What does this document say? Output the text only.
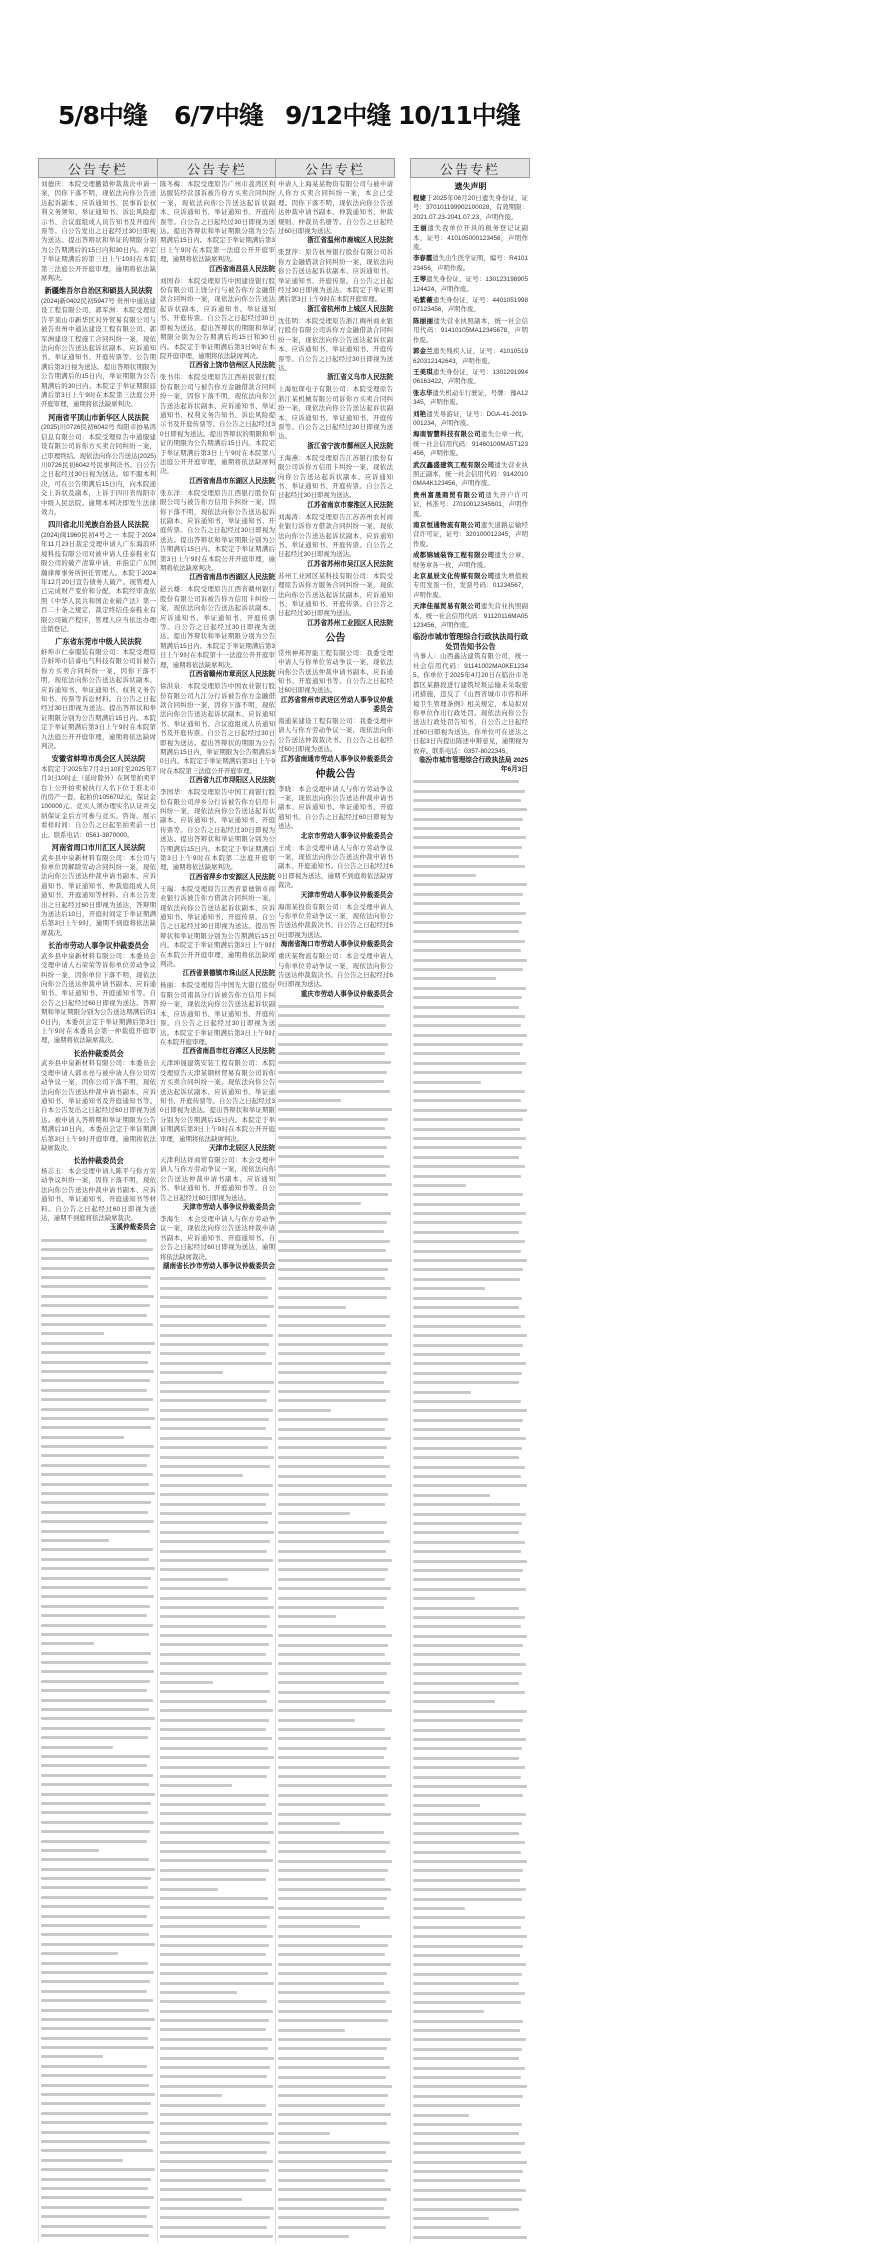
5/8中缝 6/7中缝 9/12中缝 10/11中缝
公告专栏

刘德庆：本院受理撤销仲裁裁决申请一案，因你下落不明，现依法向你公告送达起诉副本、应诉通知书、民事诉讼权利义务须知、举证通知书、诉讼风险提示书、合议庭组成人员告知书及开庭传票等。自公告发出之日起经过30日即视为送达。提出答辩状和举证的期限分别为公告期满后的15日内和30日内。并定于举证期满后的第三日上午10时在本院第三法庭公开开庭审理，逾期将依法缺席判决。

新疆维吾尔自治区和硕县人民法院

(2024)新0402民初5947号 贵州中通达建设工程有限公司、郭军洲：本院受理原告平顶山市新华区对外贸易有限公司与被告贵州中通达建设工程有限公司、郭军洲建设工程施工合同纠纷一案，现依法向你公告送达起诉状副本、应诉通知书、举证通知书、开庭传票等。公告期满后第3日视为送达。提出答辩状期限为公告期满后的15日内，举证期限为公告期满后的30日内。本院定于举证期限届满后第3日上午9时在本院第三法庭公开开庭审理，逾期将依法缺席判决。

河南省平顶山市新华区人民法院

(2025)川0726民初6042号 绵阳市协易鸿信息有限公司：本院受理原告中通服建设有限公司诉你方买卖合同纠纷一案，已审理终结。现依法向你公告送达(2025)川0726民初6042号民事判决书。自公告之日起经过30日视为送达。如不服本判决，可在公告期满后15日内，向本院递交上诉状及副本，上诉于四川省绵阳市中级人民法院。逾期本判决即发生法律效力。

四川省北川羌族自治县人民法院

(2024)闽1960民初4号之一 本院于2024年11月23日裁定受理申请人广东海浪环境科技有限公司对被申请人佳泰鞋业有限公司的破产清算申请，并指定广东国瀚律师事务所担任管理人。本院于2024年12月20日宣告债务人破产。现管理人已完成财产变价和分配，本院经审查依照《中华人民共和国企业破产法》第一百二十条之规定，裁定终结佳泰鞋业有限公司破产程序，管理人应当依法办理注销登记。

广东省东莞市中级人民法院

蚌埠市仁泰服装有限公司：本院受理原告蚌埠市信睿电气科技有限公司诉被告你方买卖合同纠纷一案，因你下落不明，现依法向你公告送达起诉状副本、应诉通知书、举证通知书、权利义务告知书、传票等诉讼材料。自公告之日起经过30日即视为送达。提出答辩状和举证期限分别为公告期满后15日内。本院定于举证期满后第3日上午9时在本院第九法庭公开开庭审理，逾期将依法缺席判决。

安徽省蚌埠市禹会区人民法院

本院定于2025年7月2日10时至2025年7月3日10时止（延时除外）在阿里拍卖平台上公开拍卖被执行人名下位于淮北市的房产一套，起拍价1056702元，保证金100000元。竞买人须办理实名认证并交纳保证金后方可参与竞买。咨询、展示看样时间：自公告之日起至拍卖前一日止。联系电话：0561-3870000。

河南省周口市川汇区人民法院

武乡县中泉新材料有限公司：本公司与你单位因解除劳动合同纠纷一案，现依法向你公告送达仲裁申请书副本、应诉通知书、举证通知书、仲裁庭组成人员通知书、开庭通知等材料。自本公告发出之日起经过60日即视为送达，答辩期为送达后10日，开庭时间定于举证期满后第3日上午9时，逾期不到庭将依法缺席裁决。

长治市劳动人事争议仲裁委员会

武乡县中泉新材料有限公司：本委员会受理申请人石荣荣等诉你单位劳动争议纠纷一案，因你单位下落不明，现依法向你公告送达仲裁申请书副本、应诉通知书、举证通知书、开庭通知书等。自公告之日起经过60日即视为送达。答辩期和举证期限分别为公告送达期满后的10日内，本委员会定于举证期满后第3日上午9时在本委员会第一仲裁庭开庭审理，逾期将依法缺席裁决。

长治仲裁委员会

武乡县中泉新材料有限公司：本委员会受理申请人郭永亮与被申请人你公司劳动争议一案，因你公司下落不明，现依法向你公告送达仲裁申请书副本、应诉通知书、举证通知书及开庭通知书等。自本公告发出之日起经过60日即视为送达。被申请人答辩期和举证期限为公告期满后10日内，本委员会定于举证期满后第3日上午9时开庭审理，逾期将依法缺席裁决。

长治仲裁委员会

杨志玉：本会受理申请人陈平与你方劳动争议纠纷一案，因你下落不明，现依法向你公告送达仲裁申请书副本、应诉通知书、举证通知书、开庭通知书等材料。自公告之日起经过60日即视为送达，逾期不到庭将依法缺席裁决。

玉溪仲裁委员会
公告专栏

陈冬梅：本院受理原告广州市荔湾区利达服装经营部诉被告你方买卖合同纠纷一案，现依法向你公告送达起诉状副本、应诉通知书、举证通知书、开庭传票等。自公告之日起经过30日即视为送达。提出答辩状和举证期限分别为公告期满后15日内。本院定于举证期满后第3日上午9时在本院第一法庭公开开庭审理，逾期将依法缺席判决。

江西省南昌县人民法院

刘国春：本院受理原告中国建设银行股份有限公司上饶分行与被告你方金融借款合同纠纷一案，现依法向你公告送达起诉状副本、应诉通知书、举证通知书、开庭传票。自公告之日起经过30日即视为送达，提出答辩状的期限和举证期限分别为公告期满后的15日和30日内。本院定于举证期满后第3日9时在本院开庭审理，逾期将依法缺席判决。

江西省上饶市信州区人民法院

张书伟：本院受理原告江西裕民银行股份有限公司与被告你方金融借款合同纠纷一案，因你下落不明，现依法向你公告送达起诉状副本、应诉通知书、举证通知书、权利义务告知书、诉讼风险提示书及开庭传票等。自公告之日起经过30日即视为送达。提出答辩状的期限和举证的期限为公告期满后15日内。本院定于举证期满后第3日上午9时在本院第八法庭公开开庭审理，逾期将依法缺席判决。

江西省南昌市东湖区人民法院

张东洋：本院受理原告江西银行股份有限公司与被告你方信用卡纠纷一案，因你下落不明，现依法向你公告送达起诉状副本、应诉通知书、举证通知书、开庭传票。自公告之日起经过30日即视为送达。提出答辩状和举证期限分别为公告期满后15日内。本院定于举证期满后第3日上午9时在本院公开开庭审理，逾期将依法缺席判决。

江西省南昌市西湖区人民法院

赵云雄：本院受理原告江西省赣州银行股份有限公司诉被告你方信用卡纠纷一案，现依法向你公告送达起诉状副本、应诉通知书、举证通知书、开庭传票等。自公告之日起经过30日即视为送达。提出答辩状和举证期限分别为公告期满后15日内。本院定于举证期满后第3日上午9时在本院第十一法庭公开开庭审理，逾期将依法缺席判决。

江西省赣州市章贡区人民法院

徐洪泉：本院受理原告中国农业银行股份有限公司九江分行诉被告你方金融借款合同纠纷一案，因你下落不明，现依法向你公告送达起诉状副本、应诉通知书、举证通知书、合议庭组成人员通知书及开庭传票。自公告之日起经过30日即视为送达。提出答辩状的期限为公告期满后15日内，举证期限为公告期满后30日内。本院定于举证期满后第3日上午9时在本院第三法庭公开开庭审理。

江西省九江市浔阳区人民法院

李国华：本院受理原告中国工商银行股份有限公司萍乡分行诉被告你方信用卡纠纷一案，现依法向你公告送达起诉状副本、应诉通知书、举证通知书、开庭传票等。自公告之日起经过30日即视为送达。提出答辩状和举证期限分别为公告期满后15日内。本院定于举证期满后第3日上午9时在本院第二法庭开庭审理，逾期将依法缺席判决。

江西省萍乡市安源区人民法院

王瑞：本院受理原告江西省景德镇市商业银行诉被告你方借款合同纠纷一案，现依法向你公告送达起诉状副本、应诉通知书、举证通知书、开庭传票。自公告之日起经过30日即视为送达。提出答辩状和举证期限分别为公告期满后15日内。本院定于举证期满后第3日上午9时在本院公开开庭审理，逾期将依法缺席判决。

江西省景德镇市珠山区人民法院

杨丽：本院受理原告中国光大银行股份有限公司南昌分行诉被告你方信用卡纠纷一案，现依法向你公告送达起诉状副本、应诉通知书、举证通知书、开庭传票。自公告之日起经过30日即视为送达。本院定于举证期满后第3日上午9时在本院开庭审理。

江西省南昌市红谷滩区人民法院

天津坤晟建筑安装工程有限公司：本院受理原告天津某钢材贸易有限公司诉你方买卖合同纠纷一案，现依法向你公告送达起诉状副本、应诉通知书、举证通知书、开庭传票等。自公告之日起经过30日即视为送达。提出答辩状和举证期限分别为公告期满后15日内。本院定于举证期满后第3日上午9时在本院公开开庭审理，逾期将依法缺席判决。

天津市北辰区人民法院

天津利达祥商贸有限公司：本会受理申请人与你方劳动争议一案，现依法向你公告送达仲裁申请书副本、应诉通知书、举证通知书、开庭通知书等。自公告之日起经过60日即视为送达。

天津市劳动人事争议仲裁委员会

李海生：本会受理申请人与你方劳动争议一案，现依法向你公告送达仲裁申请书副本、应诉通知书、开庭通知书。自公告之日起经过60日即视为送达，逾期将依法缺席裁决。

湖南省长沙市劳动人事争议仲裁委员会
公告专栏

申请人上海某某物资有限公司与被申请人你方买卖合同纠纷一案，本会已受理。因你下落不明，现依法向你公告送达仲裁申请书副本、仲裁通知书、仲裁规则、仲裁员名册等。自公告之日起经过60日即视为送达。

浙江省温州市鹿城区人民法院

张慧萍：原告杭州银行股份有限公司诉你方金融借款合同纠纷一案，现依法向你公告送达起诉状副本、应诉通知书、举证通知书、开庭传票。自公告之日起经过30日即视为送达。本院定于举证期满后第3日上午9时在本院开庭审理。

浙江省杭州市上城区人民法院

沈佳明：本院受理原告浙江稠州商业银行股份有限公司诉你方金融借款合同纠纷一案，现依法向你公告送达起诉状副本、应诉通知书、举证通知书、开庭传票等。自公告之日起经过30日即视为送达。

浙江省义乌市人民法院

上海恒琛电子有限公司：本院受理原告浙江某机械有限公司诉你方买卖合同纠纷一案，现依法向你公告送达起诉状副本、应诉通知书、举证通知书、开庭传票等。自公告之日起经过30日即视为送达。

浙江省宁波市鄞州区人民法院

王海燕：本院受理原告江苏银行股份有限公司诉你方信用卡纠纷一案，现依法向你公告送达起诉状副本、应诉通知书、举证通知书、开庭传票。自公告之日起经过30日即视为送达。

江苏省南京市秦淮区人民法院

刘海涛：本院受理原告江苏苏州农村商业银行诉你方借款合同纠纷一案，现依法向你公告送达起诉状副本、应诉通知书、举证通知书、开庭传票。自公告之日起经过30日即视为送达。

江苏省苏州市吴江区人民法院

苏州工业园区某科技有限公司：本院受理原告诉你方服务合同纠纷一案，现依法向你公告送达起诉状副本、应诉通知书、举证通知书、开庭传票。自公告之日起经过30日即视为送达。

江苏省苏州工业园区人民法院
公告

常州神邦智能工程有限公司：我委受理申请人与你单位劳动争议一案，现依法向你公告送达仲裁申请书副本、应诉通知书、开庭通知书等。自公告之日起经过60日即视为送达。

江苏省常州市武进区劳动人事争议仲裁委员会

南通某建设工程有限公司：我委受理申请人与你方劳动争议一案，现依法向你公告送达仲裁裁决书。自公告之日起经过60日即视为送达。

江苏省南通市劳动人事争议仲裁委员会
仲裁公告

李晓：本会受理申请人与你方劳动争议一案，现依法向你公告送达仲裁申请书副本、应诉通知书、举证通知书、开庭通知书。自公告之日起经过60日即视为送达。

北京市劳动人事争议仲裁委员会

王成：本会受理申请人与你方劳动争议一案，现依法向你公告送达仲裁申请书副本、开庭通知书。自公告之日起经过60日即视为送达，逾期不到庭将依法缺席裁决。

天津市劳动人事争议仲裁委员会

海南某投资有限公司：本会受理申请人与你单位劳动争议一案，现依法向你公告送达仲裁裁决书。自公告之日起经过60日即视为送达。

海南省海口市劳动人事争议仲裁委员会

重庆某物流有限公司：本会受理申请人与你单位劳动争议一案，现依法向你公告送达仲裁裁决书。自公告之日起经过60日即视为送达。

重庆市劳动人事争议仲裁委员会
公告专栏
遗失声明

程婕于2025年06月20日遗失身份证，证号：370101199902100028，有效期限：2021.07.23-2041.07.23，声明作废。

王丽遗失我单位开具的税务登记证副本，证号：410105000123456，声明作废。

李春霞遗失出生医学证明，编号：R410123456，声明作废。

王琴遗失身份证，证号：130123198905124424，声明作废。

毛紫薇遗失身份证，证号：440105199807123456，声明作废。

陈丽丽遗失营业执照副本，统一社会信用代码：91410105MA12345678，声明作废。

郭金兰遗失残疾人证，证号：41010519620312142643，声明作废。

王美琪遗失身份证，证号：130129199406163422，声明作废。

张志华遗失机动车行驶证，号牌：豫A12345，声明作废。

刘艳遗失导游证，证号：DGA-41-2019-001234，声明作废。

海南智慧科技有限公司遗失公章一枚，统一社会信用代码：91460100MA5T123456，声明作废。

武汉鑫盛建筑工程有限公司遗失营业执照正副本，统一社会信用代码：91420100MA4K123456，声明作废。

贵州富晟商贸有限公司遗失开户许可证，核准号：J7010012345601，声明作废。

南京恒通物流有限公司遗失道路运输经营许可证，证号：320100012345，声明作废。

成都锦城装饰工程有限公司遗失公章、财务章各一枚，声明作废。

北京星辰文化传媒有限公司遗失增值税专用发票一份，发票号码：01234567，声明作废。

天津佳福贸易有限公司遗失营业执照副本，统一社会信用代码：91120116MA05123456，声明作废。

临汾市城市管理综合行政执法局行政处罚告知书公告

当事人：山西鑫达建筑有限公司，统一社会信用代码：91141002MA0KE12345。你单位于2025年4月20日在临汾市尧都区某路段进行建筑垃圾运输未采取密闭措施，违反了《山西省城市市容和环境卫生管理条例》相关规定，本局拟对你单位作出行政处罚。现依法向你公告送达行政处罚告知书，自公告之日起经过60日即视为送达。你单位可在送达之日起3日内提出陈述申辩意见，逾期视为放弃。联系电话：0357-8022345。

临汾市城市管理综合行政执法局 2025年6月3日
